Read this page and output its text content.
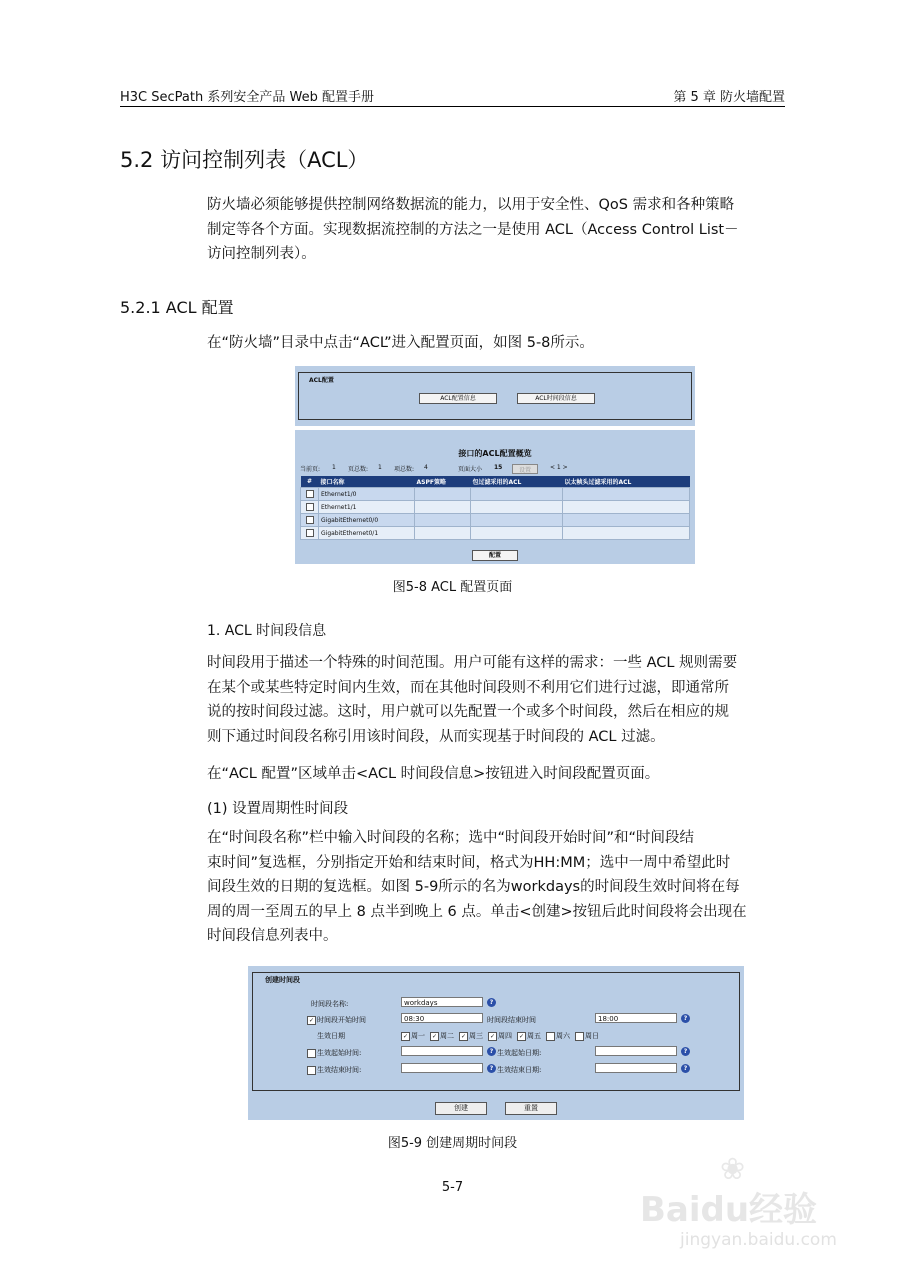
H3C SecPath 系列安全产品 Web 配置手册	第 5 章 防火墙配置
5.2 访问控制列表（ACL）
防火墙必须能够提供控制网络数据流的能力，以用于安全性、QoS 需求和各种策略
制定等各个方面。实现数据流控制的方法之一是使用 ACL（Access Control List－
访问控制列表）。
5.2.1 ACL 配置
在“防火墙”目录中点击“ACL”进入配置页面，如图 5-8所示。
ACL配置
ACL配置信息	ACL时间段信息
接口的ACL配置概览
当前页: 1 页总数: 1 项总数: 4	页面大小 15	设置	< 1 >
#	接口名称	ASPF策略	包过滤采用的ACL	以太帧头过滤采用的ACL
	Ethernet1/0			
	Ethernet1/1			
	GigabitEthernet0/0			
	GigabitEthernet0/1			
配置
图5-8 ACL 配置页面
1. ACL 时间段信息
时间段用于描述一个特殊的时间范围。用户可能有这样的需求：一些 ACL 规则需要
在某个或某些特定时间内生效，而在其他时间段则不利用它们进行过滤，即通常所
说的按时间段过滤。这时，用户就可以先配置一个或多个时间段，然后在相应的规
则下通过时间段名称引用该时间段，从而实现基于时间段的 ACL 过滤。
在“ACL 配置”区域单击<ACL 时间段信息>按钮进入时间段配置页面。
(1) 设置周期性时间段
在“时间段名称”栏中输入时间段的名称；选中“时间段开始时间”和“时间段结
束时间”复选框，分别指定开始和结束时间，格式为HH:MM；选中一周中希望此时
间段生效的日期的复选框。如图 5-9所示的名为workdays的时间段生效时间将在每
周的周一至周五的早上 8 点半到晚上 6 点。单击<创建>按钮后此时间段将会出现在
时间段信息列表中。
创建时间段
时间段名称:	workdays	?
✓ 时间段开始时间	08:30	时间段结束时间	18:00	?
生效日期	✓ 周一 ✓ 周二 ✓ 周三 ✓ 周四 ✓ 周五 周六 周日
生效起始时间:	? 生效起始日期:	?
生效结束时间:	? 生效结束日期:	?
创建	重置
图5-9 创建周期时间段
5-7
❀
Baidu经验
jingyan.baidu.com
